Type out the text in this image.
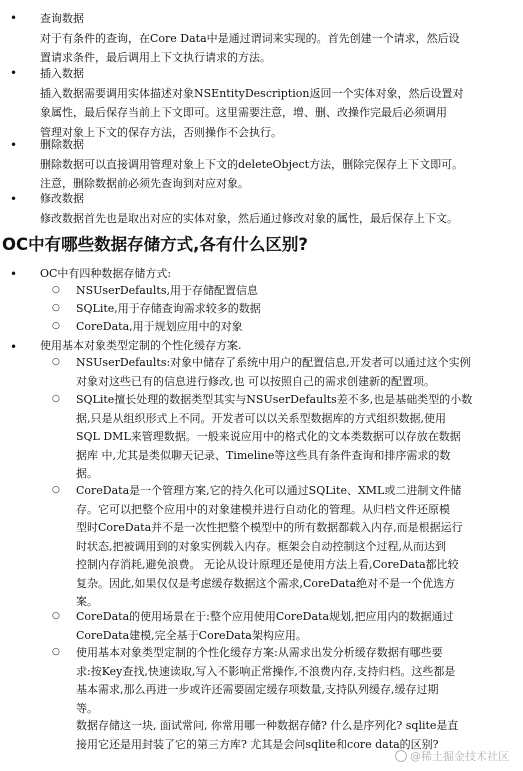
• 查询数据
对于有条件的查询，在Core Data中是通过谓词来实现的。首先创建一个请求，然后设
置请求条件，最后调用上下文执行请求的方法。
• 插入数据
插入数据需要调用实体描述对象NSEntityDescription返回一个实体对象，然后设置对
象属性，最后保存当前上下文即可。这里需要注意，增、删、改操作完最后必须调用
管理对象上下文的保存方法，否则操作不会执行。
• 删除数据
删除数据可以直接调用管理对象上下文的deleteObject方法，删除完保存上下文即可。
注意，删除数据前必须先查询到对应对象。
• 修改数据
修改数据首先也是取出对应的实体对象，然后通过修改对象的属性，最后保存上下文。
OC中有哪些数据存储方式,各有什么区别?
• OC中有四种数据存储方式:
○ NSUserDefaults,用于存储配置信息
○ SQLite,用于存储查询需求较多的数据
○ CoreData,用于规划应用中的对象
• 使用基本对象类型定制的个性化缓存方案.
○ NSUserDefaults:对象中储存了系统中用户的配置信息,开发者可以通过这个实例
对象对这些已有的信息进行修改,也 可以按照自己的需求创建新的配置项。
○ SQLite擅长处理的数据类型其实与NSUserDefaults差不多,也是基础类型的小数
据,只是从组织形式上不同。开发者可以以关系型数据库的方式组织数据,使用
SQL DML来管理数据。一般来说应用中的格式化的文本类数据可以存放在数据
据库 中,尤其是类似聊天记录、Timeline等这些具有条件查询和排序需求的数
据。
○ CoreData是一个管理方案,它的持久化可以通过SQLite、XML或二进制文件储
存。它可以把整个应用中的对象建模并进行自动化的管理。从归档文件还原模
型时CoreData并不是一次性把整个模型中的所有数据都载入内存,而是根据运行
时状态,把被调用到的对象实例载入内存。框架会自动控制这个过程,从而达到
控制内存消耗,避免浪费。 无论从设计原理还是使用方法上看,CoreData都比较
复杂。因此,如果仅仅是考虑缓存数据这个需求,CoreData绝对不是一个优选方
案。
○ CoreData的使用场景在于:整个应用使用CoreData规划,把应用内的数据通过
CoreData建模,完全基于CoreData架构应用。
○ 使用基本对象类型定制的个性化缓存方案:从需求出发分析缓存数据有哪些要
求:按Key查找,快速读取,写入不影响正常操作,不浪费内存,支持归档。这些都是
基本需求,那么再进一步或许还需要固定缓存项数量,支持队列缓存,缓存过期
等。
数据存储这一块, 面试常问, 你常用哪一种数据存储? 什么是序列化? sqlite是直
接用它还是用封装了它的第三方库? 尤其是会问sqlite和core data的区别?
@稀土掘金技术社区
